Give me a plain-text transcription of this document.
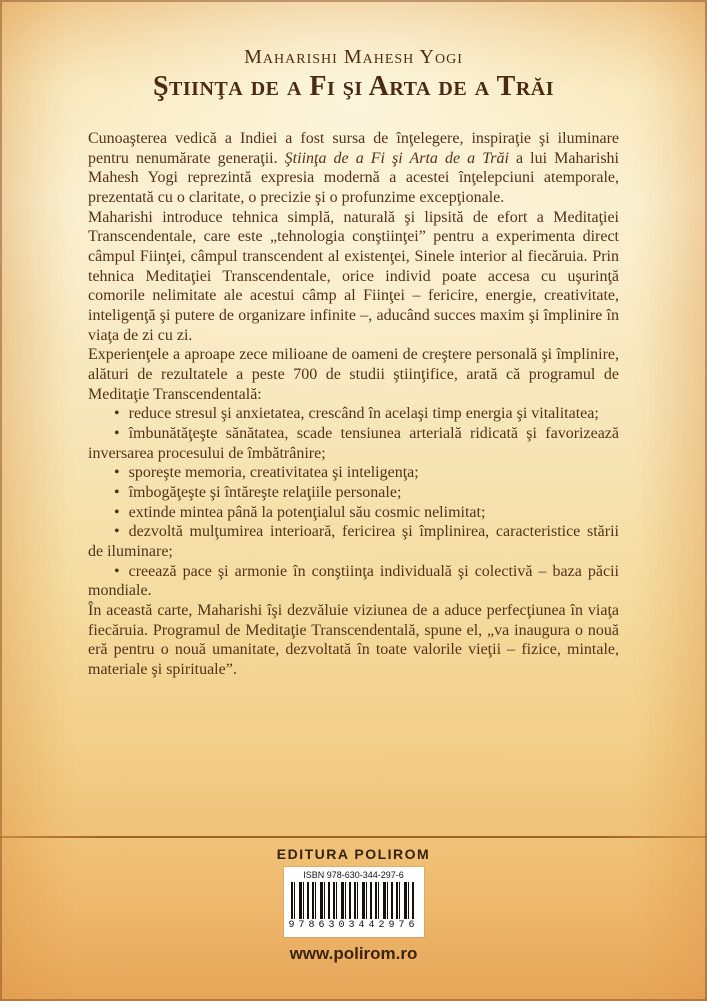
Maharishi Mahesh Yogi
Ştiinţa de a Fi şi Arta de a Trăi

Cunoaşterea vedică a Indiei a fost sursa de înţelegere, inspiraţie şi iluminare pentru nenumărate generaţii. Ştiinţa de a Fi şi Arta de a Trăi a lui Maharishi Mahesh Yogi reprezintă expresia modernă a acestei înţelepciuni atemporale, prezentată cu o claritate, o precizie şi o profunzime excepţionale.

Maharishi introduce tehnica simplă, naturală şi lipsită de efort a Meditaţiei Transcendentale, care este „tehnologia conştiinţei” pentru a experimenta direct câmpul Fiinţei, câmpul transcendent al existenţei, Sinele interior al fiecăruia. Prin tehnica Meditaţiei Transcendentale, orice individ poate accesa cu uşurinţă comorile nelimitate ale acestui câmp al Fiinţei – fericire, energie, creativitate, inteligenţă şi putere de organizare infinite –, aducând succes maxim şi împlinire în viaţa de zi cu zi.

Experienţele a aproape zece milioane de oameni de creştere personală şi împlinire, alături de rezultatele a peste 700 de studii ştiinţifice, arată că programul de Meditaţie Transcendentală:

• reduce stresul şi anxietatea, crescând în acelaşi timp energia şi vitalitatea;

• îmbunătăţeşte sănătatea, scade tensiunea arterială ridicată şi favorizează inversarea procesului de îmbătrânire;

• sporeşte memoria, creativitatea şi inteligenţa;

• îmbogăţeşte şi întăreşte relaţiile personale;

• extinde mintea până la potenţialul său cosmic nelimitat;

• dezvoltă mulţumirea interioară, fericirea şi împlinirea, caracteristice stării de iluminare;

• creează pace şi armonie în conştiinţa individuală şi colectivă – baza păcii mondiale.

În această carte, Maharishi îşi dezvăluie viziunea de a aduce perfecţiunea în viaţa fiecăruia. Programul de Meditaţie Transcendentală, spune el, „va inaugura o nouă eră pentru o nouă umanitate, dezvoltată în toate valorile vieţii – fizice, mintale, materiale şi spirituale”.

EDITURA POLIROM
ISBN 978-630-344-297-6
9786303442976
www.polirom.ro
